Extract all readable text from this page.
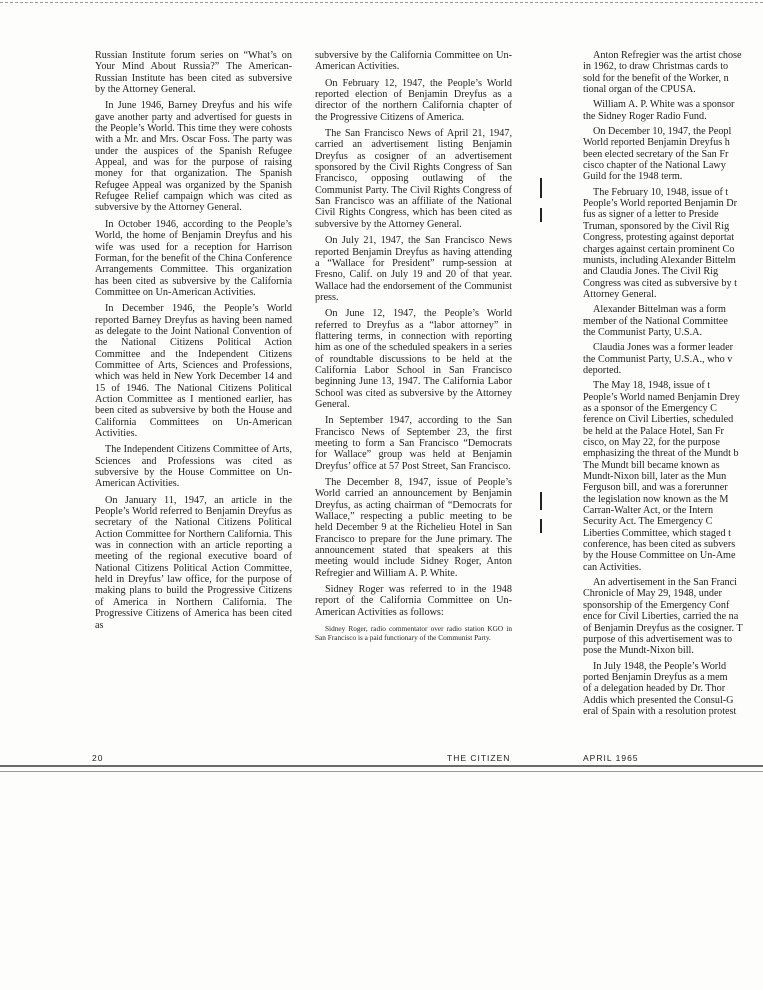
Russian Institute forum series on “What’s on Your Mind About Russia?” The American-Russian Institute has been cited as subversive by the Attorney General.

In June 1946, Barney Dreyfus and his wife gave another party and advertised for guests in the People’s World. This time they were cohosts with a Mr. and Mrs. Oscar Foss. The party was under the auspices of the Spanish Refugee Appeal, and was for the purpose of raising money for that organization. The Spanish Refugee Appeal was organized by the Spanish Refugee Relief campaign which was cited as subversive by the Attorney General.

In October 1946, according to the People’s World, the home of Benjamin Dreyfus and his wife was used for a reception for Harrison Forman, for the benefit of the China Conference Arrangements Committee. This organization has been cited as subversive by the California Committee on Un-American Activities.

In December 1946, the People’s World reported Barney Dreyfus as having been named as delegate to the Joint National Convention of the National Citizens Political Action Committee and the Independent Citizens Committee of Arts, Sciences and Professions, which was held in New York December 14 and 15 of 1946. The National Citizens Political Action Committee as I mentioned earlier, has been cited as subversive by both the House and California Committees on Un-American Activities.

The Independent Citizens Committee of Arts, Sciences and Professions was cited as subversive by the House Committee on Un-American Activities.

On January 11, 1947, an article in the People’s World referred to Benjamin Dreyfus as secretary of the National Citizens Political Action Committee for Northern California. This was in connection with an article reporting a meeting of the regional executive board of National Citizens Political Action Committee, held in Dreyfus’ law office, for the purpose of making plans to build the Progressive Citizens of America in Northern California. The Progressive Citizens of America has been cited as

subversive by the California Committee on Un-American Activities.

On February 12, 1947, the People’s World reported election of Benjamin Dreyfus as a director of the northern California chapter of the Progressive Citizens of America.

The San Francisco News of April 21, 1947, carried an advertisement listing Benjamin Dreyfus as cosigner of an advertisement sponsored by the Civil Rights Congress of San Francisco, opposing outlawing of the Communist Party. The Civil Rights Congress of San Francisco was an affiliate of the National Civil Rights Congress, which has been cited as subversive by the Attorney General.

On July 21, 1947, the San Francisco News reported Benjamin Dreyfus as having attending a “Wallace for President” rump-session at Fresno, Calif. on July 19 and 20 of that year. Wallace had the endorsement of the Communist press.

On June 12, 1947, the People’s World referred to Dreyfus as a “labor attorney” in flattering terms, in connection with reporting him as one of the scheduled speakers in a series of roundtable discussions to be held at the California Labor School in San Francisco beginning June 13, 1947. The California Labor School was cited as subversive by the Attorney General.

In September 1947, according to the San Francisco News of September 23, the first meeting to form a San Francisco “Democrats for Wallace” group was held at Benjamin Dreyfus’ office at 57 Post Street, San Francisco.

The December 8, 1947, issue of People’s World carried an announcement by Benjamin Dreyfus, as acting chairman of “Democrats for Wallace,” respecting a public meeting to be held December 9 at the Richelieu Hotel in San Francisco to prepare for the June primary. The announcement stated that speakers at this meeting would include Sidney Roger, Anton Refregier and William A. P. White.

Sidney Roger was referred to in the 1948 report of the California Committee on Un-American Activities as follows:

Sidney Roger, radio commentator over radio station KGO in San Francisco is a paid functionary of the Communist Party.

Anton Refregier was the artist chose
in 1962, to draw Christmas cards to
sold for the benefit of the Worker, n
tional organ of the CPUSA.
William A. P. White was a sponsor
the Sidney Roger Radio Fund.
On December 10, 1947, the Peopl
World reported Benjamin Dreyfus h
been elected secretary of the San Fr
cisco chapter of the National Lawy
Guild for the 1948 term.
The February 10, 1948, issue of t
People’s World reported Benjamin Dr
fus as signer of a letter to Preside
Truman, sponsored by the Civil Rig
Congress, protesting against deportat
charges against certain prominent Co
munists, including Alexander Bittelm
and Claudia Jones. The Civil Rig
Congress was cited as subversive by t
Attorney General.
Alexander Bittelman was a form
member of the National Committee
the Communist Party, U.S.A.
Claudia Jones was a former leader
the Communist Party, U.S.A., who v
deported.
The May 18, 1948, issue of t
People’s World named Benjamin Drey
as a sponsor of the Emergency C
ference on Civil Liberties, scheduled
be held at the Palace Hotel, San Fr
cisco, on May 22, for the purpose
emphasizing the threat of the Mundt b
The Mundt bill became known as
Mundt-Nixon bill, later as the Mun
Ferguson bill, and was a forerunner
the legislation now known as the M
Carran-Walter Act, or the Intern
Security Act. The Emergency C
Liberties Committee, which staged t
conference, has been cited as subvers
by the House Committee on Un-Ame
can Activities.
An advertisement in the San Franci
Chronicle of May 29, 1948, under
sponsorship of the Emergency Conf
ence for Civil Liberties, carried the na
of Benjamin Dreyfus as the cosigner. T
purpose of this advertisement was to
pose the Mundt-Nixon bill.
In July 1948, the People’s World
ported Benjamin Dreyfus as a mem
of a delegation headed by Dr. Thor
Addis which presented the Consul-G
eral of Spain with a resolution protest
20	THE CITIZEN	APRIL 1965
